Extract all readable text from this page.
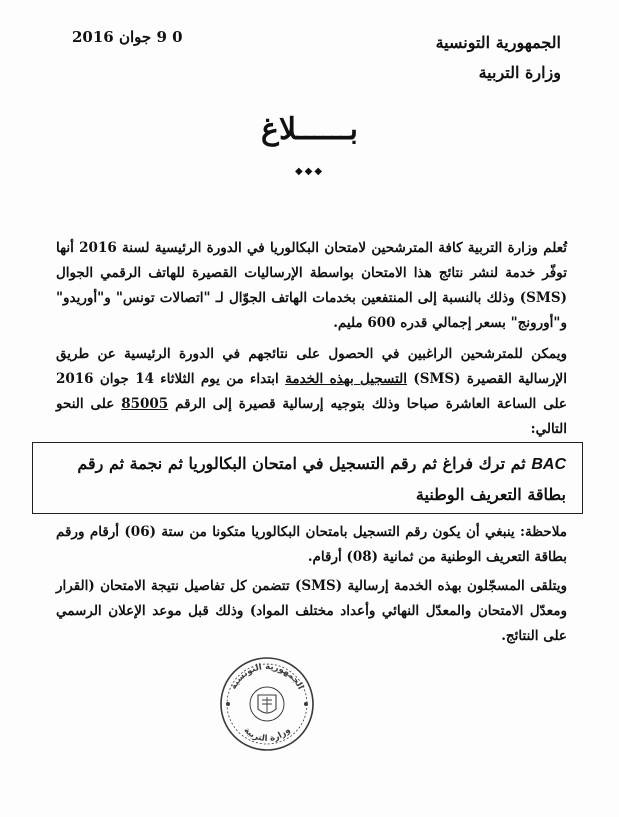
الجمهورية التونسية
وزارة التربية
0 9 جوان 2016
بــــــلاغ
◆◆◆
تُعلم وزارة التربية كافة المترشحين لامتحان البكالوريا في الدورة الرئيسية لسنة 2016 أنها توفّر خدمة لنشر نتائج هذا الامتحان بواسطة الإرساليات القصيرة للهاتف الرقمي الجوال (SMS) وذلك بالنسبة إلى المنتفعين بخدمات الهاتف الجوّال لـ "اتصالات تونس" و"أوريدو" و"أورونج" بسعر إجمالي قدره 600 مليم.
ويمكن للمترشحين الراغبين في الحصول على نتائجهم في الدورة الرئيسية عن طريق الإرسالية القصيرة (SMS) التسجيل بهذه الخدمة ابتداء من يوم الثلاثاء 14 جوان 2016 على الساعة العاشرة صباحا وذلك بتوجيه إرسالية قصيرة إلى الرقم 85005 على النحو التالي:
BAC ثم ترك فراغ ثم رقم التسجيل في امتحان البكالوريا ثم نجمة ثم رقم
بطاقة التعريف الوطنية
ملاحظة: ينبغي أن يكون رقم التسجيل بامتحان البكالوريا متكونا من ستة (06) أرقام ورقم بطاقة التعريف الوطنية من ثمانية (08) أرقام.
ويتلقى المسجّلون بهذه الخدمة إرسالية (SMS) تتضمن كل تفاصيل نتيجة الامتحان (القرار ومعدّل الامتحان والمعدّل النهائي وأعداد مختلف المواد) وذلك قبل موعد الإعلان الرسمي على النتائج.
الجمهورية التونسية
وزارة التربية
